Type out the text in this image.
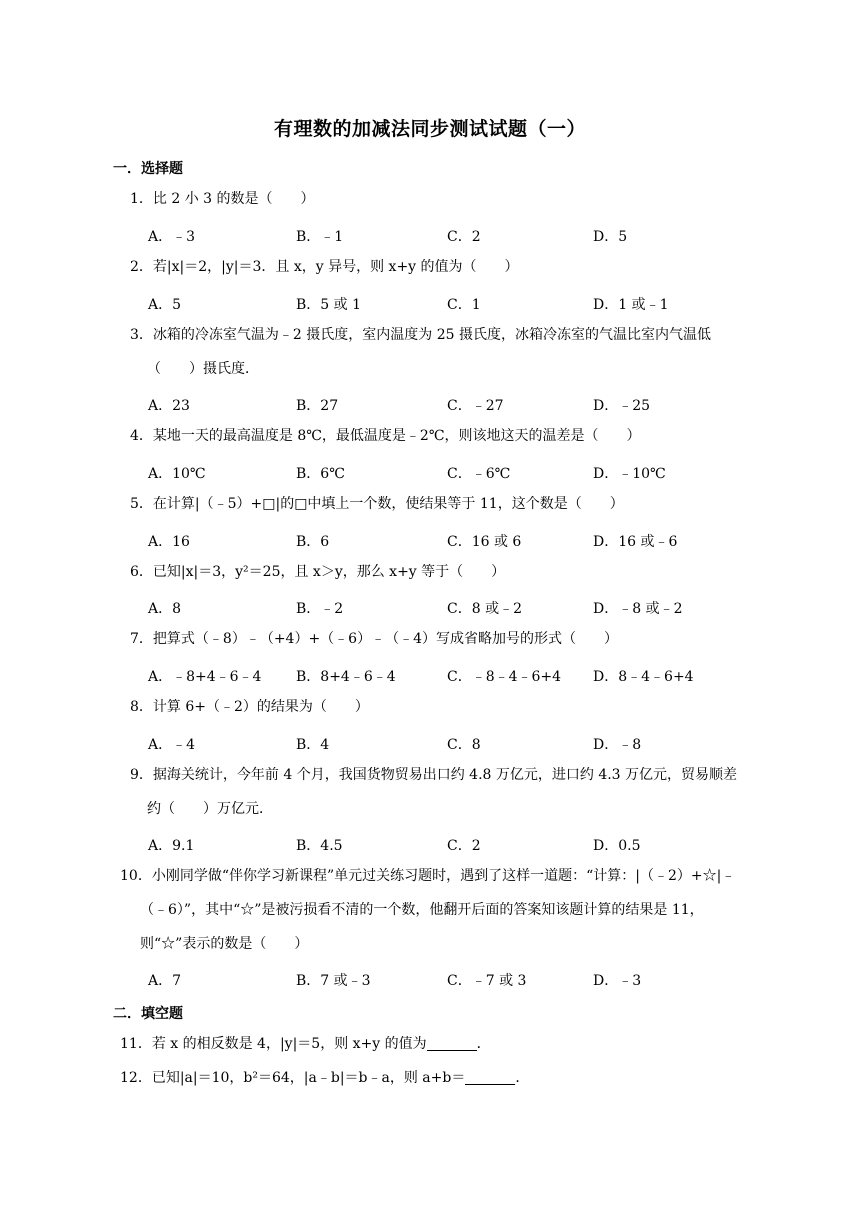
有理数的加减法同步测试试题（一）
一．选择题
1．比 2 小 3 的数是（　　）
A．﹣3	B．﹣1	C．2	D．5
2．若|x|＝2，|y|＝3．且 x，y 异号，则 x+y 的值为（　　）
A．5	B．5 或 1	C．1	D．1 或﹣1
3．冰箱的冷冻室气温为﹣2 摄氏度，室内温度为 25 摄氏度，冰箱冷冻室的气温比室内气温低（　　）摄氏度．
A．23	B．27	C．﹣27	D．﹣25
4．某地一天的最高温度是 8℃，最低温度是﹣2℃，则该地这天的温差是（　　）
A．10℃	B．6℃	C．﹣6℃	D．﹣10℃
5．在计算|（﹣5）+□|的□中填上一个数，使结果等于 11，这个数是（　　）
A．16	B．6	C．16 或 6	D．16 或﹣6
6．已知|x|＝3，y²＝25，且 x＞y，那么 x+y 等于（　　）
A．8	B．﹣2	C．8 或﹣2	D．﹣8 或﹣2
7．把算式（﹣8）﹣（+4）+（﹣6）﹣（﹣4）写成省略加号的形式（　　）
A．﹣8+4﹣6﹣4 B．8+4﹣6﹣4	C．﹣8﹣4﹣6+4 D．8﹣4﹣6+4
8．计算 6+（﹣2）的结果为（　　）
A．﹣4	B．4	C．8	D．﹣8
9．据海关统计，今年前 4 个月，我国货物贸易出口约 4.8 万亿元，进口约 4.3 万亿元，贸易顺差约（　　）万亿元．
A．9.1	B．4.5	C．2	D．0.5
10．小刚同学做“伴你学习新课程”单元过关练习题时，遇到了这样一道题：“计算：|（﹣2）+☆|﹣（﹣6）”，其中“☆”是被污损看不清的一个数，他翻开后面的答案知该题计算的结果是 11，则“☆”表示的数是（　　）
A．7	B．7 或﹣3	C．﹣7 或 3	D．﹣3
二．填空题
11．若 x 的相反数是 4，|y|＝5，则 x+y 的值为	．
12．已知|a|＝10，b²＝64，|a﹣b|＝b﹣a，则 a+b＝	．
